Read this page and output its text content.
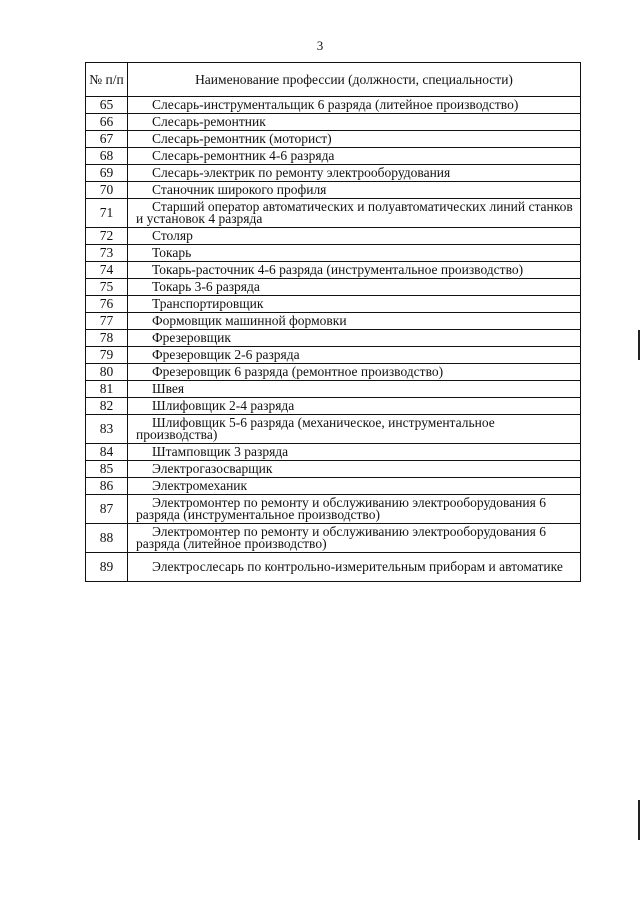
3
№ п/п	Наименование профессии (должности, специальности)
65	Слесарь-инструментальщик 6 разряда (литейное производство)
66	Слесарь-ремонтник
67	Слесарь-ремонтник (моторист)
68	Слесарь-ремонтник 4-6 разряда
69	Слесарь-электрик по ремонту электрооборудования
70	Станочник широкого профиля
71	Старший оператор автоматических и полуавтоматических линий станков и установок 4 разряда
72	Столяр
73	Токарь
74	Токарь-расточник 4-6 разряда (инструментальное производство)
75	Токарь 3-6 разряда
76	Транспортировщик
77	Формовщик машинной формовки
78	Фрезеровщик
79	Фрезеровщик 2-6 разряда
80	Фрезеровщик 6 разряда (ремонтное производство)
81	Швея
82	Шлифовщик 2-4 разряда
83	Шлифовщик 5-6 разряда (механическое, инструментальное производства)
84	Штамповщик 3 разряда
85	Электрогазосварщик
86	Электромеханик
87	Электромонтер по ремонту и обслуживанию электрооборудования 6 разряда (инструментальное производство)
88	Электромонтер по ремонту и обслуживанию электрооборудования 6 разряда (литейное производство)
89	Электрослесарь по контрольно-измерительным приборам и автоматике
